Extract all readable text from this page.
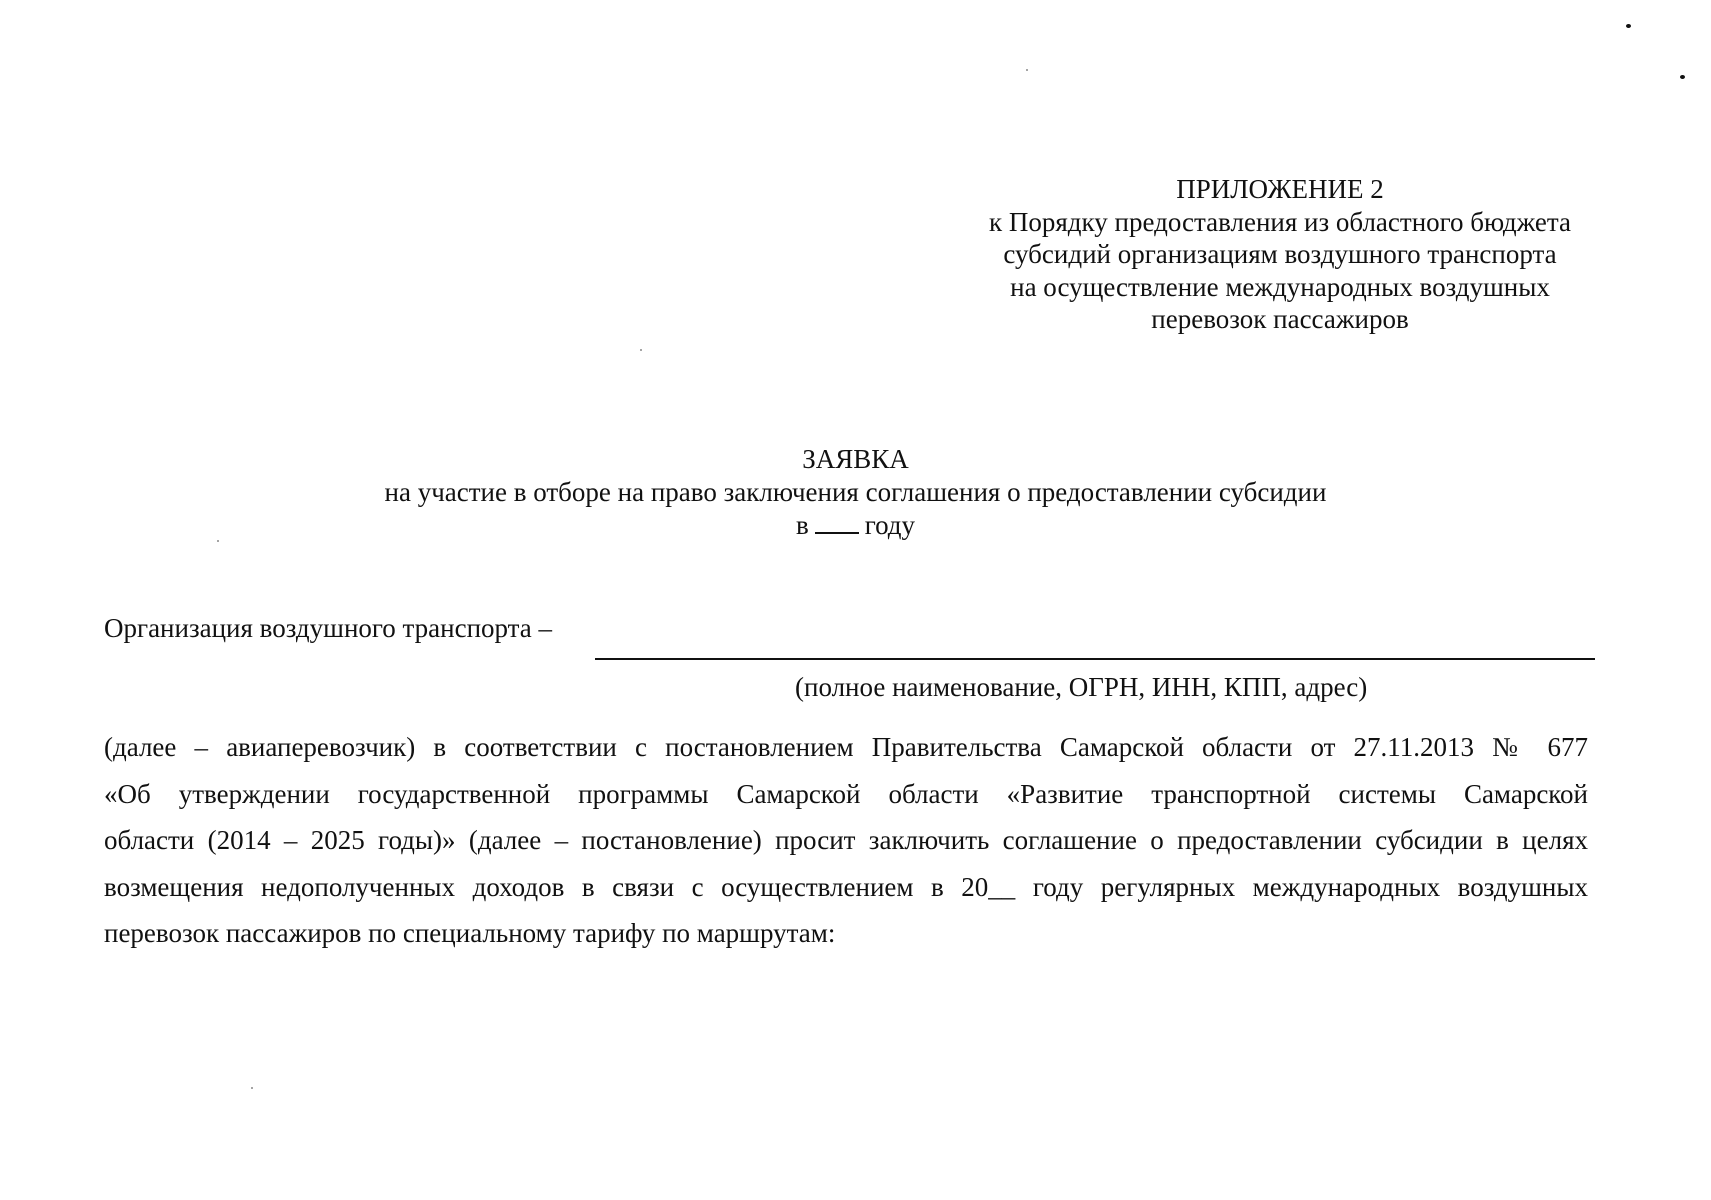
ПРИЛОЖЕНИЕ 2
к Порядку предоставления из областного бюджета
субсидий организациям воздушного транспорта
на осуществление международных воздушных
перевозок пассажиров
ЗАЯВКА
на участие в отборе на право заключения соглашения о предоставлении субсидии
в году
Организация воздушного транспорта –
(полное наименование, ОГРН, ИНН, КПП, адрес)
(далее – авиаперевозчик) в соответствии с постановлением Правительства Самарской области от 27.11.2013 № 677
«Об утверждении государственной программы Самарской области «Развитие транспортной системы Самарской
области (2014 – 2025 годы)» (далее – постановление) просит заключить соглашение о предоставлении субсидии в целях
возмещения недополученных доходов в связи с осуществлением в 20__ году регулярных международных воздушных
перевозок пассажиров по специальному тарифу по маршрутам:
